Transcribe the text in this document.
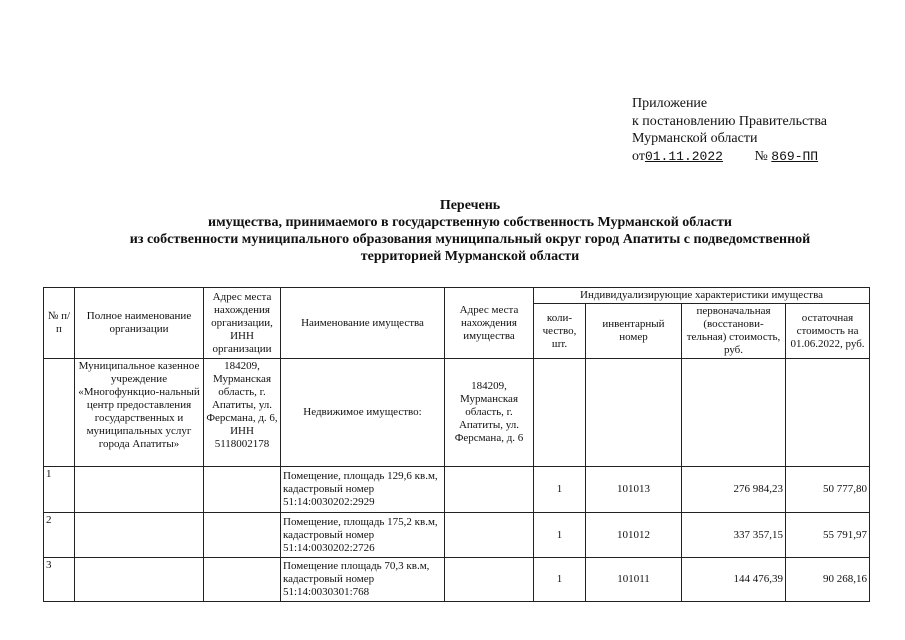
Приложение
к постановлению Правительства
Мурманской области
от01.11.2022 № 869-ПП
Перечень
имущества, принимаемого в государственную собственность Мурманской области
из собственности муниципального образования муниципальный округ город Апатиты с подведомственной
территорией Мурманской области
№ п/п	Полное наименование организации	Адрес места нахождения организации, ИНН организации	Наименование имущества	Адрес места нахождения имущества	Индивидуализирующие характеристики имущества			
					коли-чество, шт.	инвентарный номер	первоначальная (восстанови-тельная) стоимость, руб.	остаточная стоимость на 01.06.2022, руб.
	Муниципальное казенное учреждение «Многофункцио-нальный центр предоставления государственных и муниципальных услуг города Апатиты»	184209, Мурманская область, г. Апатиты, ул. Ферсмана, д. 6, ИНН 5118002178	Недвижимое имущество:	184209, Мурманская область, г. Апатиты, ул. Ферсмана, д. 6				
1			Помещение, площадь 129,6 кв.м, кадастровый номер 51:14:0030202:2929		1	101013	276 984,23	50 777,80
2			Помещение, площадь 175,2 кв.м, кадастровый номер 51:14:0030202:2726		1	101012	337 357,15	55 791,97
3			Помещение площадь 70,3 кв.м, кадастровый номер 51:14:0030301:768		1	101011	144 476,39	90 268,16
